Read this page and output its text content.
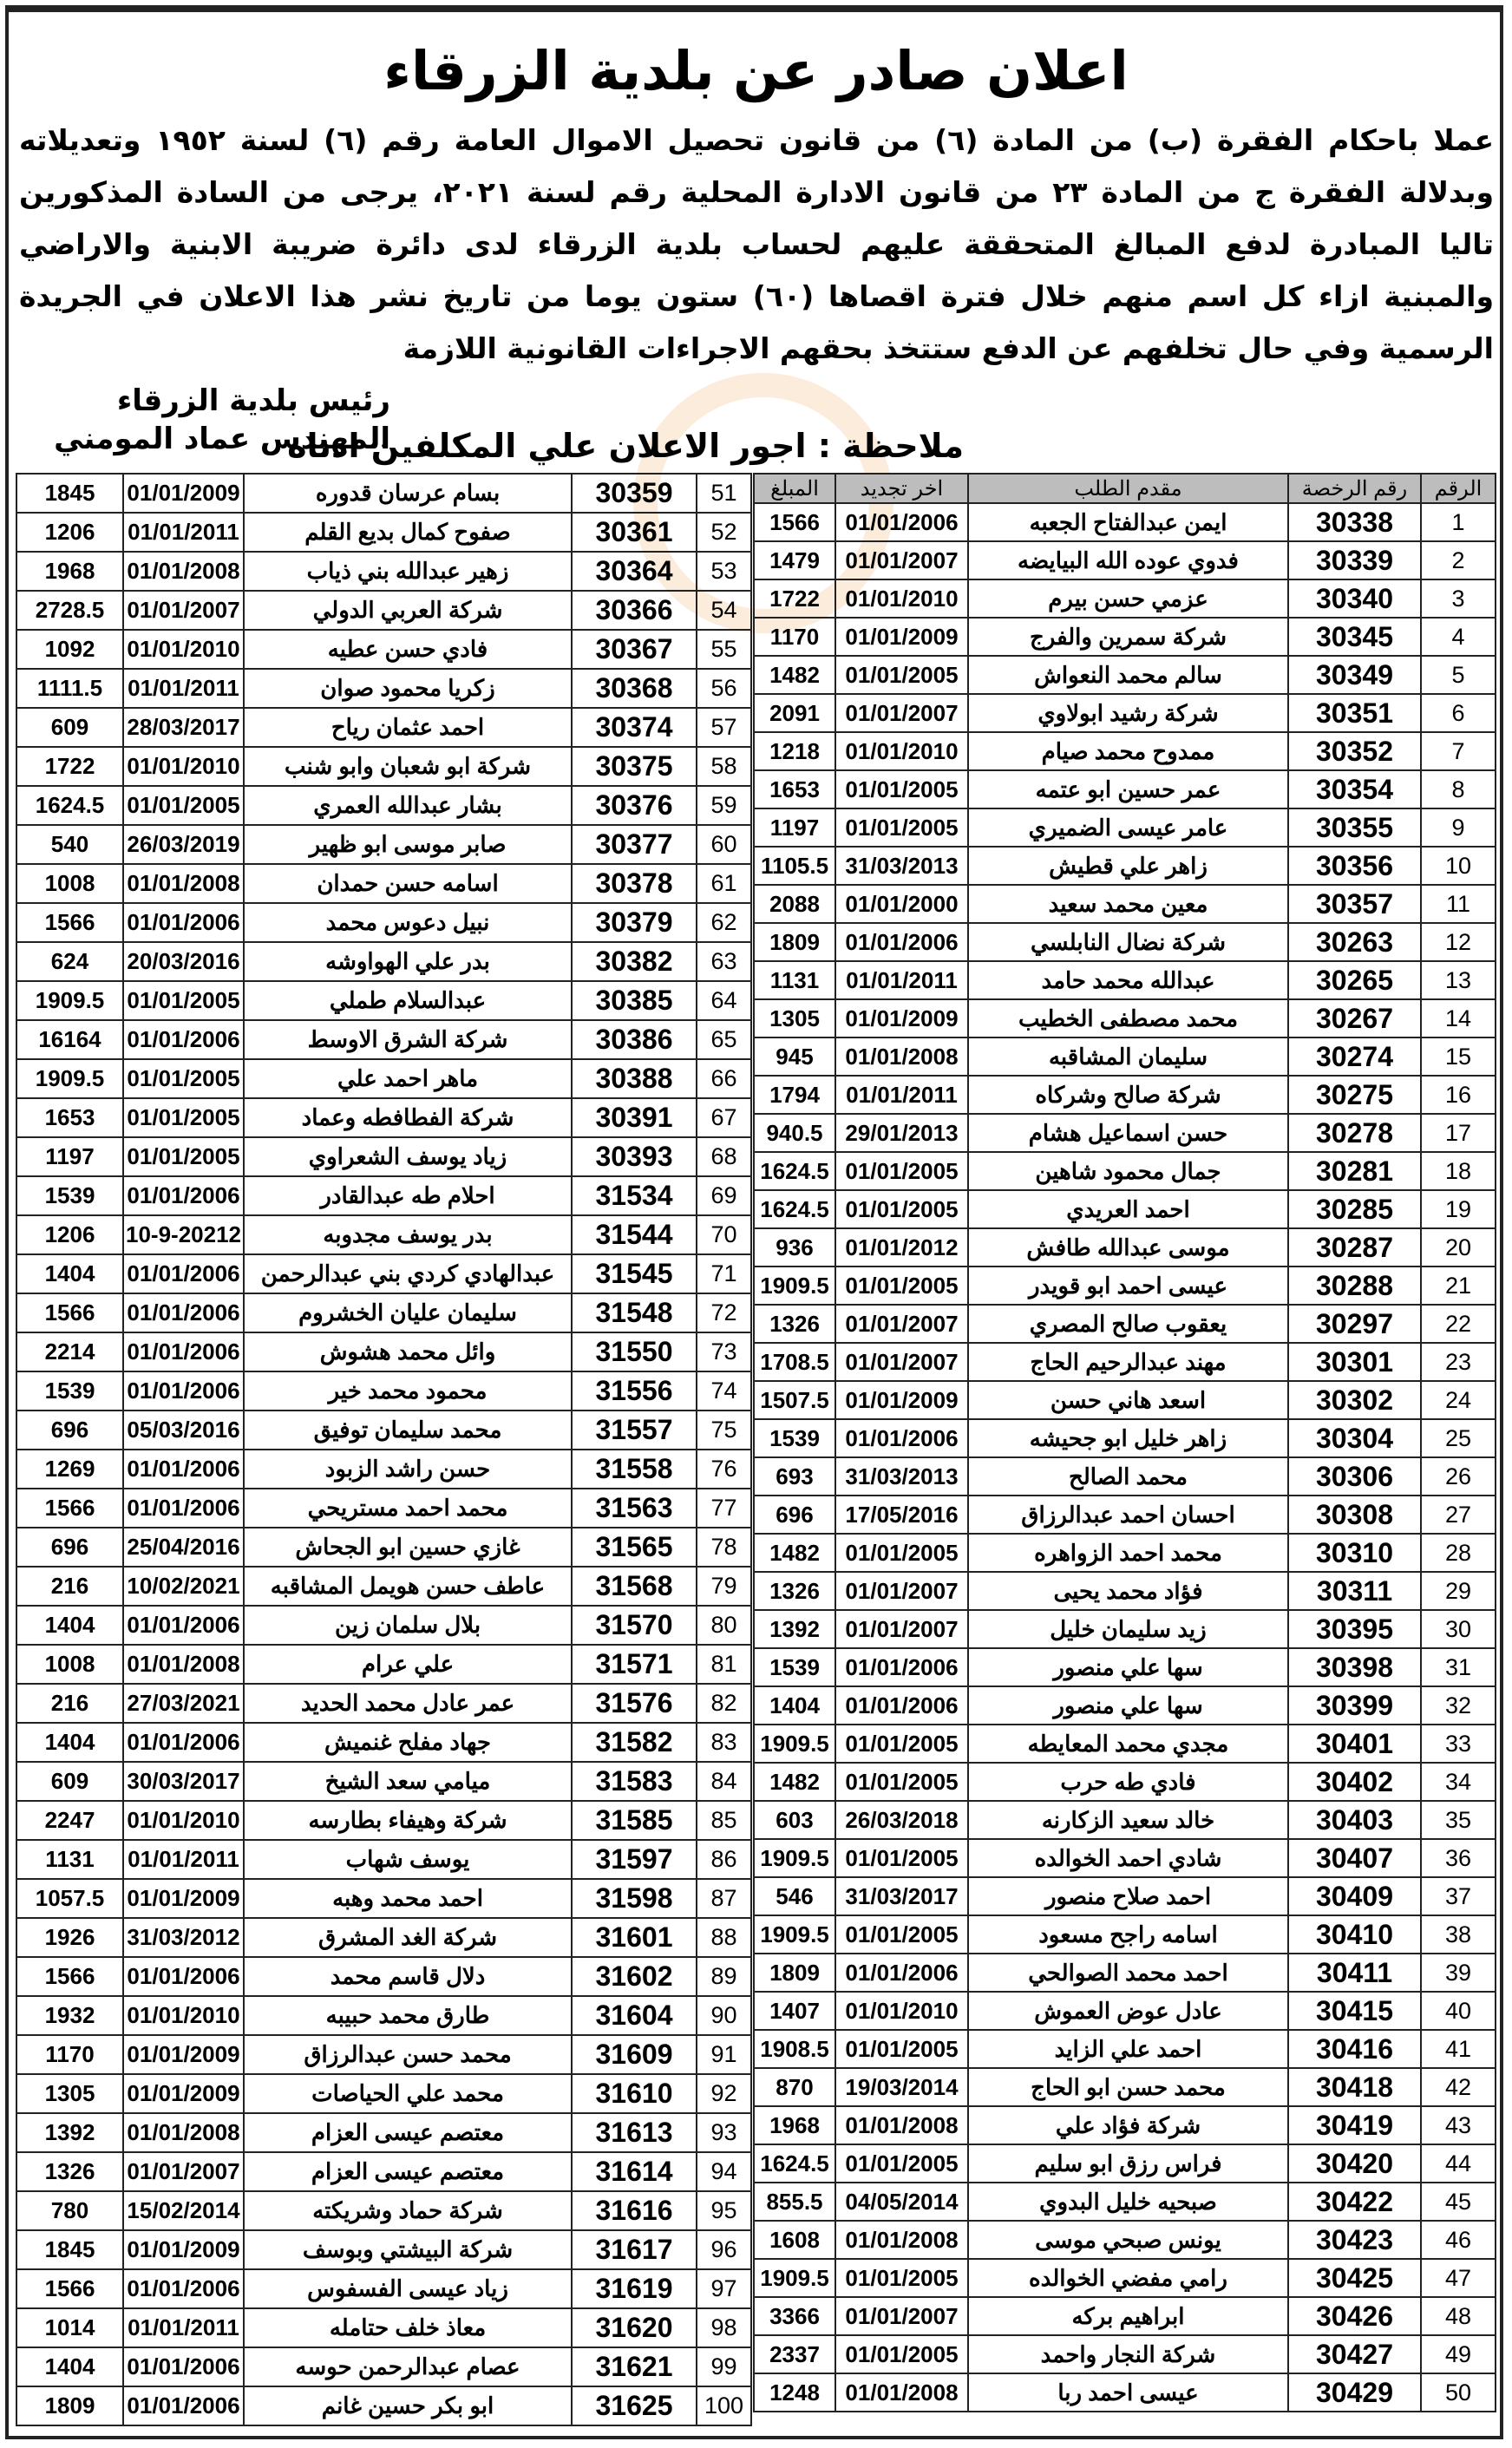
اعلان صادر عن بلدية الزرقاء
عملا باحكام الفقرة (ب) من المادة (٦) من قانون تحصيل الاموال العامة رقم (٦) لسنة ١٩٥٢ وتعديلاته وبدلالة الفقرة ج من المادة ٢٣ من قانون الادارة المحلية رقم لسنة ٢٠٢١، يرجى من السادة المذكورين تاليا المبادرة لدفع المبالغ المتحققة عليهم لحساب بلدية الزرقاء لدى دائرة ضريبة الابنية والاراضي والمبنية ازاء كل اسم منهم خلال فترة اقصاها (٦٠) ستون يوما من تاريخ نشر هذا الاعلان في الجريدة الرسمية وفي حال تخلفهم عن الدفع ستتخذ بحقهم الاجراءات القانونية اللازمة
رئيس بلدية الزرقاء
المهندس عماد المومني
ملاحظة : اجور الاعلان علي المكلفين ادناه
الرقم	رقم الرخصة	مقدم الطلب	اخر تجديد	المبلغ
1	30338	ايمن عبدالفتاح الجعبه	01/01/2006	1566
2	30339	فدوي عوده الله البيايضه	01/01/2007	1479
3	30340	عزمي حسن بيرم	01/01/2010	1722
4	30345	شركة سمرين والفرج	01/01/2009	1170
5	30349	سالم محمد النعواش	01/01/2005	1482
6	30351	شركة رشيد ابولاوي	01/01/2007	2091
7	30352	ممدوح محمد صيام	01/01/2010	1218
8	30354	عمر حسين ابو عتمه	01/01/2005	1653
9	30355	عامر عيسى الضميري	01/01/2005	1197
10	30356	زاهر علي قطيش	31/03/2013	1105.5
11	30357	معين محمد سعيد	01/01/2000	2088
12	30263	شركة نضال النابلسي	01/01/2006	1809
13	30265	عبدالله محمد حامد	01/01/2011	1131
14	30267	محمد مصطفى الخطيب	01/01/2009	1305
15	30274	سليمان المشاقبه	01/01/2008	945
16	30275	شركة صالح وشركاه	01/01/2011	1794
17	30278	حسن اسماعيل هشام	29/01/2013	940.5
18	30281	جمال محمود شاهين	01/01/2005	1624.5
19	30285	احمد العريدي	01/01/2005	1624.5
20	30287	موسى عبدالله طافش	01/01/2012	936
21	30288	عيسى احمد ابو قويدر	01/01/2005	1909.5
22	30297	يعقوب صالح المصري	01/01/2007	1326
23	30301	مهند عبدالرحيم الحاج	01/01/2007	1708.5
24	30302	اسعد هاني حسن	01/01/2009	1507.5
25	30304	زاهر خليل ابو جحيشه	01/01/2006	1539
26	30306	محمد الصالح	31/03/2013	693
27	30308	احسان احمد عبدالرزاق	17/05/2016	696
28	30310	محمد احمد الزواهره	01/01/2005	1482
29	30311	فؤاد محمد يحيى	01/01/2007	1326
30	30395	زيد سليمان خليل	01/01/2007	1392
31	30398	سها علي منصور	01/01/2006	1539
32	30399	سها علي منصور	01/01/2006	1404
33	30401	مجدي محمد المعايطه	01/01/2005	1909.5
34	30402	فادي طه حرب	01/01/2005	1482
35	30403	خالد سعيد الزكارنه	26/03/2018	603
36	30407	شادي احمد الخوالده	01/01/2005	1909.5
37	30409	احمد صلاح منصور	31/03/2017	546
38	30410	اسامه راجح مسعود	01/01/2005	1909.5
39	30411	احمد محمد الصوالحي	01/01/2006	1809
40	30415	عادل عوض العموش	01/01/2010	1407
41	30416	احمد علي الزايد	01/01/2005	1908.5
42	30418	محمد حسن ابو الحاج	19/03/2014	870
43	30419	شركة فؤاد علي	01/01/2008	1968
44	30420	فراس رزق ابو سليم	01/01/2005	1624.5
45	30422	صبحيه خليل البدوي	04/05/2014	855.5
46	30423	يونس صبحي موسى	01/01/2008	1608
47	30425	رامي مفضي الخوالده	01/01/2005	1909.5
48	30426	ابراهيم بركه	01/01/2007	3366
49	30427	شركة النجار واحمد	01/01/2005	2337
50	30429	عيسى احمد ربا	01/01/2008	1248
51	30359	بسام عرسان قدوره	01/01/2009	1845
52	30361	صفوح كمال بديع القلم	01/01/2011	1206
53	30364	زهير عبدالله بني ذياب	01/01/2008	1968
54	30366	شركة العربي الدولي	01/01/2007	2728.5
55	30367	فادي حسن عطيه	01/01/2010	1092
56	30368	زكريا محمود صوان	01/01/2011	1111.5
57	30374	احمد عثمان رياح	28/03/2017	609
58	30375	شركة ابو شعبان وابو شنب	01/01/2010	1722
59	30376	بشار عبدالله العمري	01/01/2005	1624.5
60	30377	صابر موسى ابو ظهير	26/03/2019	540
61	30378	اسامه حسن حمدان	01/01/2008	1008
62	30379	نبيل دعوس محمد	01/01/2006	1566
63	30382	بدر علي الهواوشه	20/03/2016	624
64	30385	عبدالسلام طملي	01/01/2005	1909.5
65	30386	شركة الشرق الاوسط	01/01/2006	16164
66	30388	ماهر احمد علي	01/01/2005	1909.5
67	30391	شركة الفطافطه وعماد	01/01/2005	1653
68	30393	زياد يوسف الشعراوي	01/01/2005	1197
69	31534	احلام طه عبدالقادر	01/01/2006	1539
70	31544	بدر يوسف مجدوبه	10-9-20212	1206
71	31545	عبدالهادي كردي بني عبدالرحمن	01/01/2006	1404
72	31548	سليمان عليان الخشروم	01/01/2006	1566
73	31550	وائل محمد هشوش	01/01/2006	2214
74	31556	محمود محمد خير	01/01/2006	1539
75	31557	محمد سليمان توفيق	05/03/2016	696
76	31558	حسن راشد الزبود	01/01/2006	1269
77	31563	محمد احمد مستريحي	01/01/2006	1566
78	31565	غازي حسين ابو الجحاش	25/04/2016	696
79	31568	عاطف حسن هويمل المشاقبه	10/02/2021	216
80	31570	بلال سلمان زين	01/01/2006	1404
81	31571	علي عرام	01/01/2008	1008
82	31576	عمر عادل محمد الحديد	27/03/2021	216
83	31582	جهاد مفلح غنميش	01/01/2006	1404
84	31583	ميامي سعد الشيخ	30/03/2017	609
85	31585	شركة وهيفاء بطارسه	01/01/2010	2247
86	31597	يوسف شهاب	01/01/2011	1131
87	31598	احمد محمد وهبه	01/01/2009	1057.5
88	31601	شركة الغد المشرق	31/03/2012	1926
89	31602	دلال قاسم محمد	01/01/2006	1566
90	31604	طارق محمد حبيبه	01/01/2010	1932
91	31609	محمد حسن عبدالرزاق	01/01/2009	1170
92	31610	محمد علي الحياصات	01/01/2009	1305
93	31613	معتصم عيسى العزام	01/01/2008	1392
94	31614	معتصم عيسى العزام	01/01/2007	1326
95	31616	شركة حماد وشريكته	15/02/2014	780
96	31617	شركة البيشتي وبوسف	01/01/2009	1845
97	31619	زياد عيسى الفسفوس	01/01/2006	1566
98	31620	معاذ خلف حتامله	01/01/2011	1014
99	31621	عصام عبدالرحمن حوسه	01/01/2006	1404
100	31625	ابو بكر حسين غانم	01/01/2006	1809
